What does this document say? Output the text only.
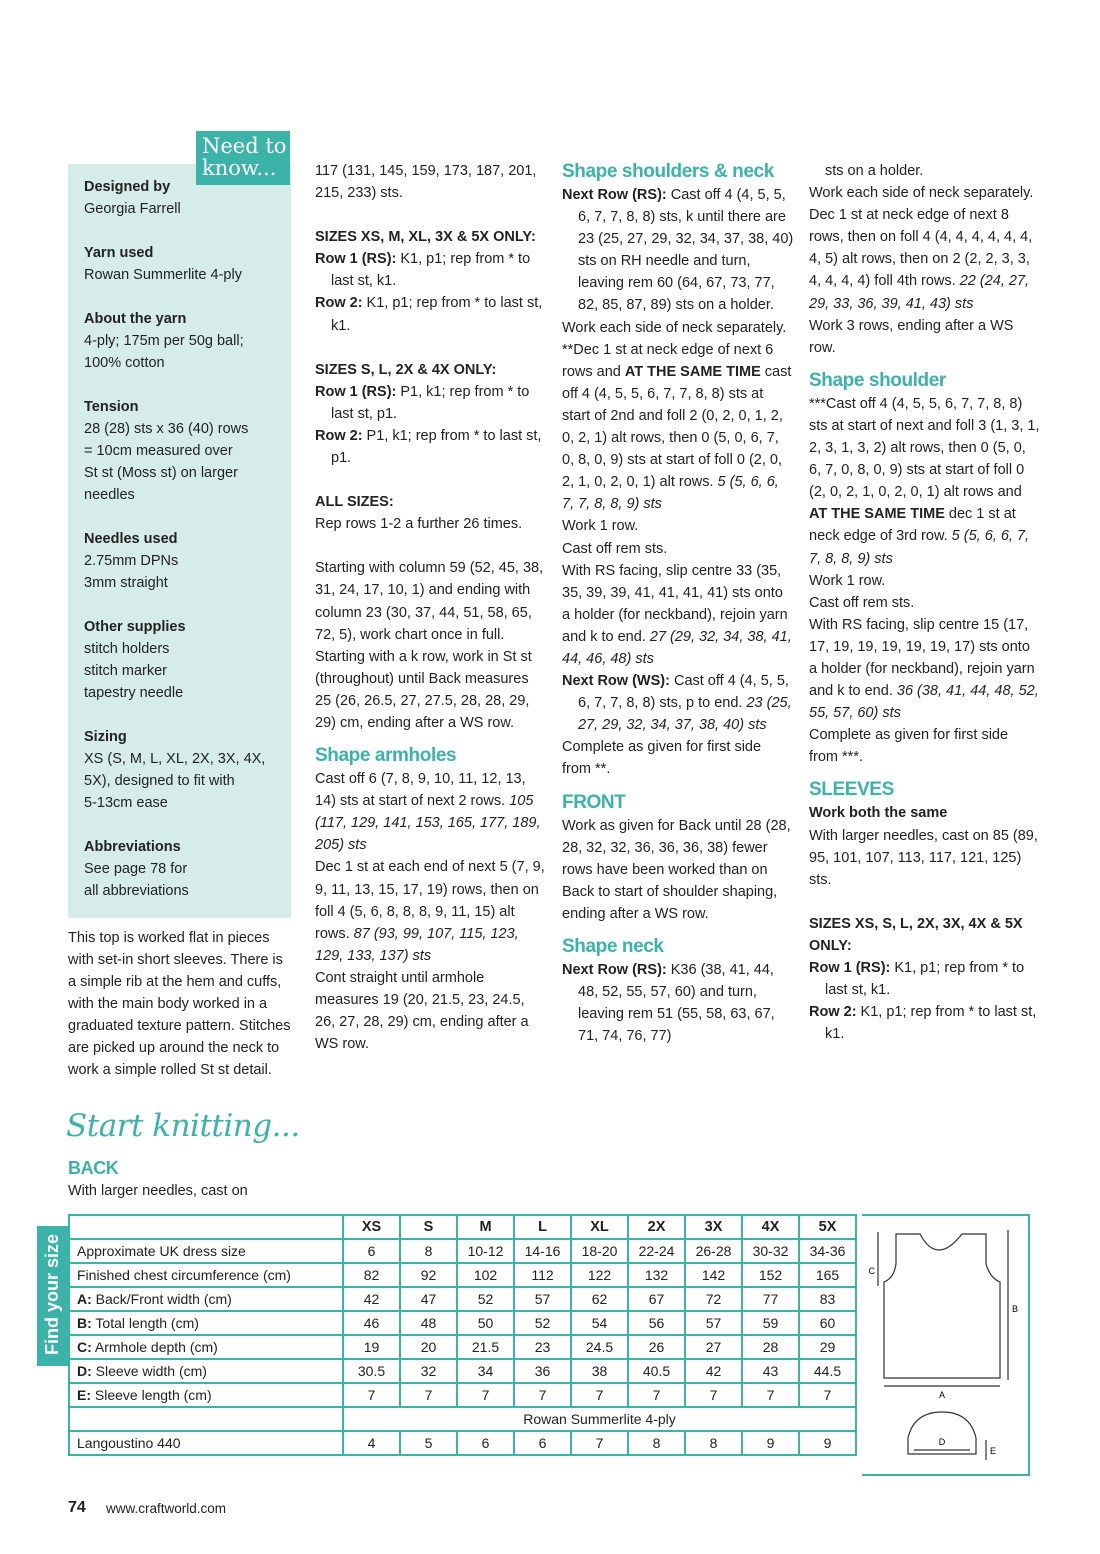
Designed by
Georgia Farrell
Yarn used
Rowan Summerlite 4-ply
About the yarn
4-ply; 175m per 50g ball;
100% cotton
Tension
28 (28) sts x 36 (40) rows
= 10cm measured over
St st (Moss st) on larger
needles
Needles used
2.75mm DPNs
3mm straight
Other supplies
stitch holders
stitch marker
tapestry needle
Sizing
XS (S, M, L, XL, 2X, 3X, 4X,
5X), designed to fit with
5-13cm ease
Abbreviations
See page 78 for
all abbreviations
Need to know...
This top is worked flat in pieces with set-in short sleeves. There is a simple rib at the hem and cuffs, with the main body worked in a graduated texture pattern. Stitches are picked up around the neck to work a simple rolled St st detail.
Start knitting...
BACK

With larger needles, cast on

117 (131, 145, 159, 173, 187, 201, 215, 233) sts.

SIZES XS, M, XL, 3X & 5X ONLY:

Row 1 (RS): K1, p1; rep from * to last st, k1.

Row 2: K1, p1; rep from * to last st, k1.

SIZES S, L, 2X & 4X ONLY:

Row 1 (RS): P1, k1; rep from * to last st, p1.

Row 2: P1, k1; rep from * to last st, p1.

ALL SIZES:

Rep rows 1-2 a further 26 times.

Starting with column 59 (52, 45, 38, 31, 24, 17, 10, 1) and ending with column 23 (30, 37, 44, 51, 58, 65, 72, 5), work chart once in full. Starting with a k row, work in St st (throughout) until Back measures 25 (26, 26.5, 27, 27.5, 28, 28, 29, 29) cm, ending after a WS row.

Shape armholes

Cast off 6 (7, 8, 9, 10, 11, 12, 13, 14) sts at start of next 2 rows. 105 (117, 129, 141, 153, 165, 177, 189, 205) sts

Dec 1 st at each end of next 5 (7, 9, 9, 11, 13, 15, 17, 19) rows, then on foll 4 (5, 6, 8, 8, 8, 9, 11, 15) alt rows. 87 (93, 99, 107, 115, 123, 129, 133, 137) sts

Cont straight until armhole measures 19 (20, 21.5, 23, 24.5, 26, 27, 28, 29) cm, ending after a WS row.

Shape shoulders & neck

Next Row (RS): Cast off 4 (4, 5, 5, 6, 7, 7, 8, 8) sts, k until there are 23 (25, 27, 29, 32, 34, 37, 38, 40) sts on RH needle and turn, leaving rem 60 (64, 67, 73, 77, 82, 85, 87, 89) sts on a holder.

Work each side of neck separately.

**Dec 1 st at neck edge of next 6 rows and AT THE SAME TIME cast off 4 (4, 5, 5, 6, 7, 7, 8, 8) sts at start of 2nd and foll 2 (0, 2, 0, 1, 2, 0, 2, 1) alt rows, then 0 (5, 0, 6, 7, 0, 8, 0, 9) sts at start of foll 0 (2, 0, 2, 1, 0, 2, 0, 1) alt rows. 5 (5, 6, 6, 7, 7, 8, 8, 9) sts

Work 1 row.

Cast off rem sts.

With RS facing, slip centre 33 (35, 35, 39, 39, 41, 41, 41, 41) sts onto a holder (for neckband), rejoin yarn and k to end. 27 (29, 32, 34, 38, 41, 44, 46, 48) sts

Next Row (WS): Cast off 4 (4, 5, 5, 6, 7, 7, 8, 8) sts, p to end. 23 (25, 27, 29, 32, 34, 37, 38, 40) sts

Complete as given for first side from **.

FRONT

Work as given for Back until 28 (28, 28, 32, 32, 36, 36, 36, 38) fewer rows have been worked than on Back to start of shoulder shaping, ending after a WS row.

Shape neck

Next Row (RS): K36 (38, 41, 44, 48, 52, 55, 57, 60) and turn, leaving rem 51 (55, 58, 63, 67, 71, 74, 76, 77)

sts on a holder.

Work each side of neck separately.

Dec 1 st at neck edge of next 8 rows, then on foll 4 (4, 4, 4, 4, 4, 4, 4, 5) alt rows, then on 2 (2, 2, 3, 3, 4, 4, 4, 4) foll 4th rows. 22 (24, 27, 29, 33, 36, 39, 41, 43) sts

Work 3 rows, ending after a WS row.

Shape shoulder

***Cast off 4 (4, 5, 5, 6, 7, 7, 8, 8) sts at start of next and foll 3 (1, 3, 1, 2, 3, 1, 3, 2) alt rows, then 0 (5, 0, 6, 7, 0, 8, 0, 9) sts at start of foll 0 (2, 0, 2, 1, 0, 2, 0, 1) alt rows and AT THE SAME TIME dec 1 st at neck edge of 3rd row. 5 (5, 6, 6, 7, 7, 8, 8, 9) sts

Work 1 row.

Cast off rem sts.

With RS facing, slip centre 15 (17, 17, 19, 19, 19, 19, 19, 17) sts onto a holder (for neckband), rejoin yarn and k to end. 36 (38, 41, 44, 48, 52, 55, 57, 60) sts

Complete as given for first side from ***.

SLEEVES

Work both the same

With larger needles, cast on 85 (89, 95, 101, 107, 113, 117, 121, 125) sts.

SIZES XS, S, L, 2X, 3X, 4X & 5X ONLY:

Row 1 (RS): K1, p1; rep from * to last st, k1.

Row 2: K1, p1; rep from * to last st, k1.

Find your size
	XS	S	M	L	XL	2X	3X	4X	5X
Approximate UK dress size	6	8	10-12	14-16	18-20	22-24	26-28	30-32	34-36
Finished chest circumference (cm)	82	92	102	112	122	132	142	152	165
A: Back/Front width (cm)	42	47	52	57	62	67	72	77	83
B: Total length (cm)	46	48	50	52	54	56	57	59	60
C: Armhole depth (cm)	19	20	21.5	23	24.5	26	27	28	29
D: Sleeve width (cm)	30.5	32	34	36	38	40.5	42	43	44.5
E: Sleeve length (cm)	7	7	7	7	7	7	7	7	7
	Rowan Summerlite 4-ply								
Langoustino 440	4	5	6	6	7	8	8	9	9
A
B
C
D
E
74 www.craftworld.com
